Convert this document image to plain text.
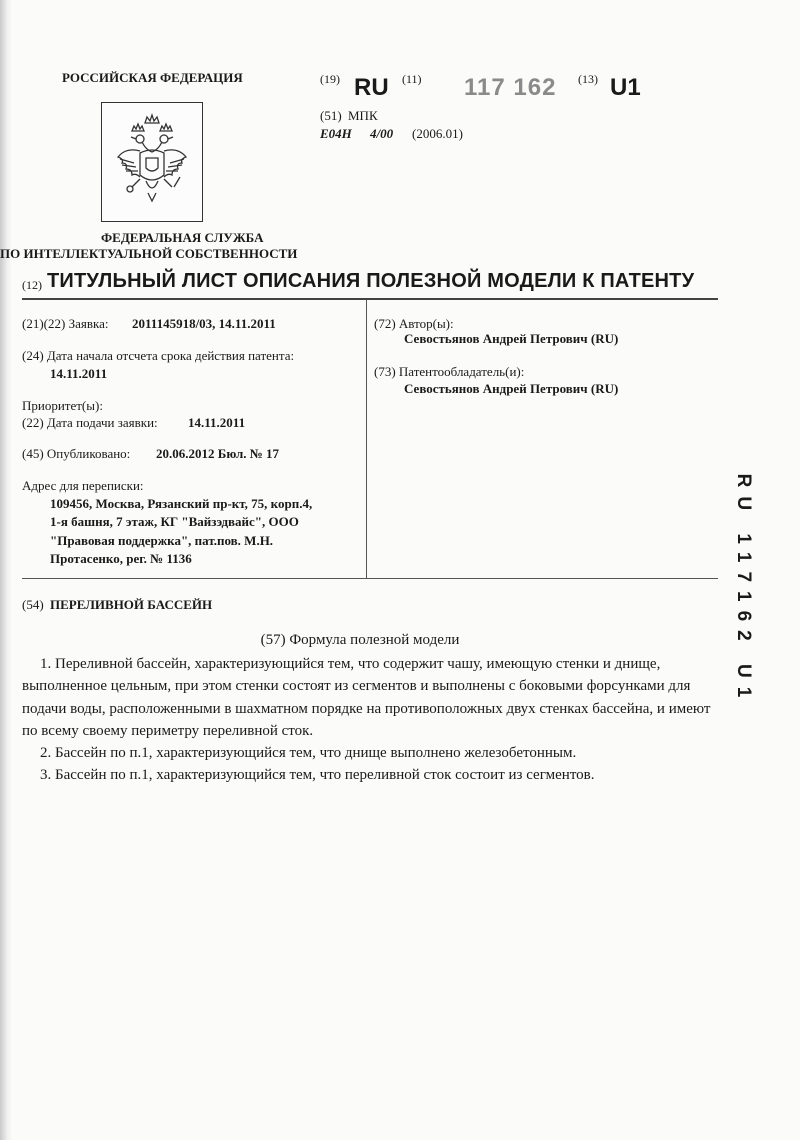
РОССИЙСКАЯ ФЕДЕРАЦИЯ
ФЕДЕРАЛЬНАЯ СЛУЖБА
ПО ИНТЕЛЛЕКТУАЛЬНОЙ СОБСТВЕННОСТИ
(19) RU (11) 117 162 (13) U1
(51) МПК
E04H 4/00 (2006.01)
(12) ТИТУЛЬНЫЙ ЛИСТ ОПИСАНИЯ ПОЛЕЗНОЙ МОДЕЛИ К ПАТЕНТУ
(21)(22) Заявка: 2011145918/03, 14.11.2011
(24) Дата начала отсчета срока действия патента:
14.11.2011
Приоритет(ы):
(22) Дата подачи заявки: 14.11.2011
(45) Опубликовано: 20.06.2012 Бюл. № 17
Адрес для переписки:
109456, Москва, Рязанский пр-кт, 75, корп.4,
1-я башня, 7 этаж, КГ "Вайзэдвайс", ООО
"Правовая поддержка", пат.пов. М.Н.
Протасенко, рег. № 1136
(72) Автор(ы):
Севостьянов Андрей Петрович (RU)
(73) Патентообладатель(и):
Севостьянов Андрей Петрович (RU)
(54) ПЕРЕЛИВНОЙ БАССЕЙН	RU 117162 U1
(57) Формула полезной модели

1. Переливной бассейн, характеризующийся тем, что содержит чашу, имеющую стенки и днище, выполненное цельным, при этом стенки состоят из сегментов и выполнены с боковыми форсунками для подачи воды, расположенными в шахматном порядке на противоположных двух стенках бассейна, и имеют по всему своему периметру переливной сток.

2. Бассейн по п.1, характеризующийся тем, что днище выполнено железобетонным.

3. Бассейн по п.1, характеризующийся тем, что переливной сток состоит из сегментов.
